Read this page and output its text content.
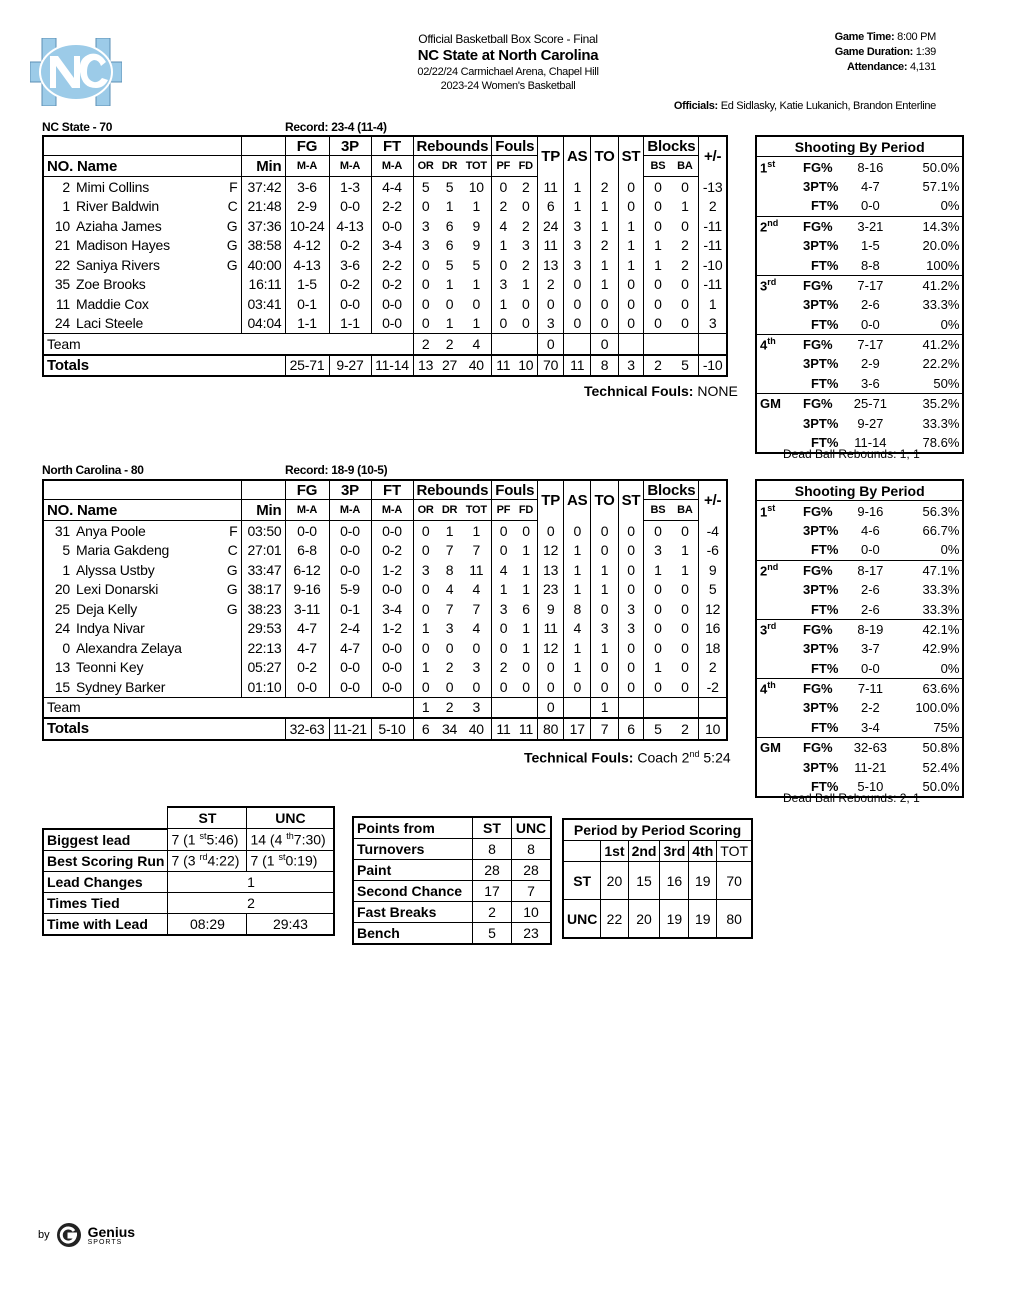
Official Basketball Box Score - Final
NC State at North Carolina
02/22/24 Carmichael Arena, Chapel Hill
2023-24 Women's Basketball
Game Time: 8:00 PM
Game Duration: 1:39
Attendance: 4,131
Officials: Ed Sidlasky, Katie Lukanich, Brandon Enterline
NC State - 70	Record: 23-4 (11-4)
				FG	3P	FT	Rebounds			Fouls		TP	AS	TO	ST	Blocks		+/-
NO. Name			Min	M-A	M-A	M-A	OR	DR	TOT	PF	FD					BS	BA	
2	Mimi Collins	F	37:42	3-6	1-3	4-4	5	5	10	0	2	11	1	2	0	0	0	-13
1	River Baldwin	C	21:48	2-9	0-0	2-2	0	1	1	2	0	6	1	1	0	0	1	2
10	Aziaha James	G	37:36	10-24	4-13	0-0	3	6	9	4	2	24	3	1	1	0	0	-11
21	Madison Hayes	G	38:58	4-12	0-2	3-4	3	6	9	1	3	11	3	2	1	1	2	-11
22	Saniya Rivers	G	40:00	4-13	3-6	2-2	0	5	5	0	2	13	3	1	1	1	2	-10
35	Zoe Brooks		16:11	1-5	0-2	0-2	0	1	1	3	1	2	0	1	0	0	0	-11
11	Maddie Cox		03:41	0-1	0-0	0-0	0	0	0	1	0	0	0	0	0	0	0	1
24	Laci Steele		04:04	1-1	1-1	0-0	0	1	1	0	0	3	0	0	0	0	0	3
Team							2	2	4			0		0				
Totals				25-71	9-27	11-14	13	27	40	11	10	70	11	8	3	2	5	-10
Technical Fouls: NONE
Shooting By Period			
1st	FG%	8-16	50.0%
	3PT%	4-7	57.1%
	FT%	0-0	0%
2nd	FG%	3-21	14.3%
	3PT%	1-5	20.0%
	FT%	8-8	100%
3rd	FG%	7-17	41.2%
	3PT%	2-6	33.3%
	FT%	0-0	0%
4th	FG%	7-17	41.2%
	3PT%	2-9	22.2%
	FT%	3-6	50%
GM	FG%	25-71	35.2%
	3PT%	9-27	33.3%
	FT%	11-14	78.6%
Dead Ball Rebounds: 1, 1
North Carolina - 80	Record: 18-9 (10-5)
				FG	3P	FT	Rebounds			Fouls		TP	AS	TO	ST	Blocks		+/-
NO. Name			Min	M-A	M-A	M-A	OR	DR	TOT	PF	FD					BS	BA	
31	Anya Poole	F	03:50	0-0	0-0	0-0	0	1	1	0	0	0	0	0	0	0	0	-4
5	Maria Gakdeng	C	27:01	6-8	0-0	0-2	0	7	7	0	1	12	1	0	0	3	1	-6
1	Alyssa Ustby	G	33:47	6-12	0-0	1-2	3	8	11	4	1	13	1	1	0	1	1	9
20	Lexi Donarski	G	38:17	9-16	5-9	0-0	0	4	4	1	1	23	1	1	0	0	0	5
25	Deja Kelly	G	38:23	3-11	0-1	3-4	0	7	7	3	6	9	8	0	3	0	0	12
24	Indya Nivar		29:53	4-7	2-4	1-2	1	3	4	0	1	11	4	3	3	0	0	16
0	Alexandra Zelaya		22:13	4-7	4-7	0-0	0	0	0	0	1	12	1	1	0	0	0	18
13	Teonni Key		05:27	0-2	0-0	0-0	1	2	3	2	0	0	1	0	0	1	0	2
15	Sydney Barker		01:10	0-0	0-0	0-0	0	0	0	0	0	0	0	0	0	0	0	-2
Team							1	2	3			0		1				
Totals				32-63	11-21	5-10	6	34	40	11	11	80	17	7	6	5	2	10
Technical Fouls: Coach 2nd 5:24
Shooting By Period			
1st	FG%	9-16	56.3%
	3PT%	4-6	66.7%
	FT%	0-0	0%
2nd	FG%	8-17	47.1%
	3PT%	2-6	33.3%
	FT%	2-6	33.3%
3rd	FG%	8-19	42.1%
	3PT%	3-7	42.9%
	FT%	0-0	0%
4th	FG%	7-11	63.6%
	3PT%	2-2	100.0%
	FT%	3-4	75%
GM	FG%	32-63	50.8%
	3PT%	11-21	52.4%
	FT%	5-10	50.0%
Dead Ball Rebounds: 2, 1
	ST	UNC
Biggest lead	7 (1 $^{st}$5:46)	14 (4 $^{th}$7:30)
Best Scoring Run	7 (3 $^{rd}$4:22)	7 (1 $^{st}$0:19)
Lead Changes	1	
Times Tied	2	
Time with Lead	08:29	29:43
Points from	ST	UNC
Turnovers	8	8
Paint	28	28
Second Chance	17	7
Fast Breaks	2	10
Bench	5	23
Period by Period Scoring					
	1st	2nd	3rd	4th	TOT
ST	20	15	16	19	70
UNC	22	20	19	19	80
by	Genius
SPORTS
